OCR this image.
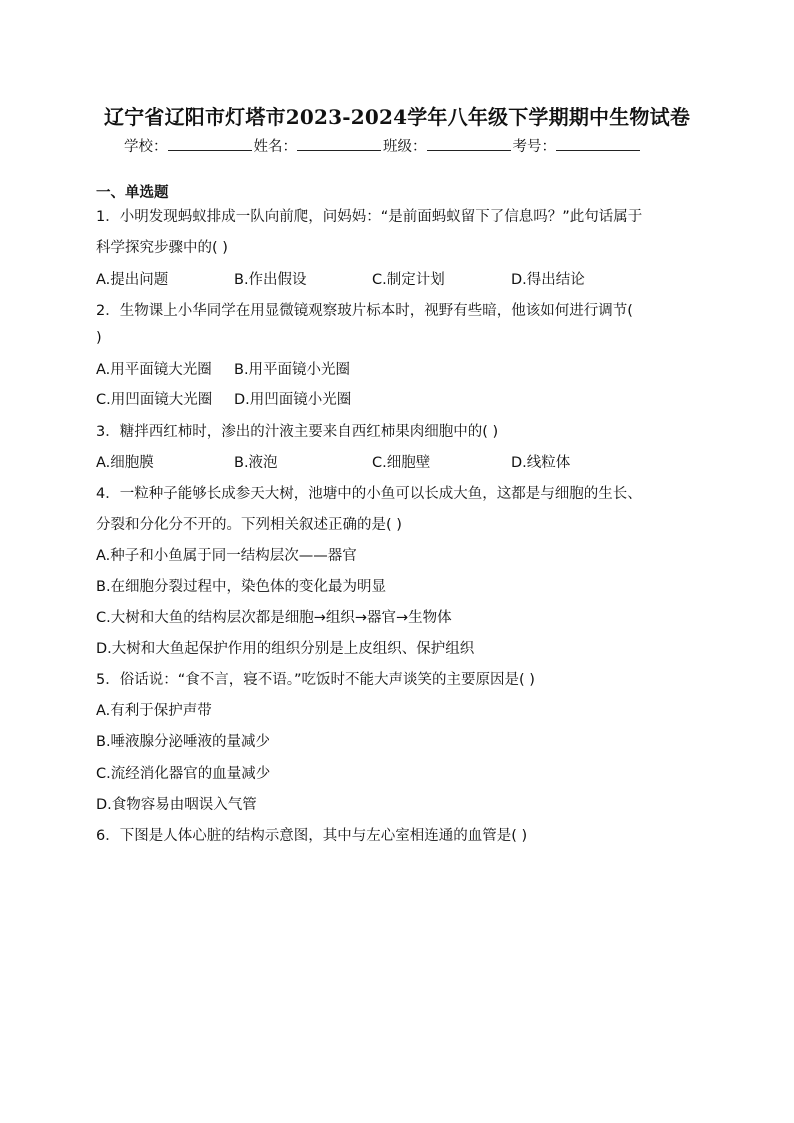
辽宁省辽阳市灯塔市2023-2024学年八年级下学期期中生物试卷
学校：	姓名：	班级：	考号：
一、单选题
1．小明发现蚂蚁排成一队向前爬，问妈妈：“是前面蚂蚁留下了信息吗？”此句话属于
科学探究步骤中的( )
A.提出问题	B.作出假设	C.制定计划	D.得出结论
2．生物课上小华同学在用显微镜观察玻片标本时，视野有些暗，他该如何进行调节(
)
A.用平面镜大光圈 B.用平面镜小光圈
C.用凹面镜大光圈 D.用凹面镜小光圈
3．糖拌西红柿时，渗出的汁液主要来自西红柿果肉细胞中的( )
A.细胞膜	B.液泡	C.细胞壁	D.线粒体
4．一粒种子能够长成参天大树，池塘中的小鱼可以长成大鱼，这都是与细胞的生长、
分裂和分化分不开的。下列相关叙述正确的是( )
A.种子和小鱼属于同一结构层次——器官
B.在细胞分裂过程中，染色体的变化最为明显
C.大树和大鱼的结构层次都是细胞→组织→器官→生物体
D.大树和大鱼起保护作用的组织分别是上皮组织、保护组织
5．俗话说：“食不言，寝不语。”吃饭时不能大声谈笑的主要原因是( )
A.有利于保护声带
B.唾液腺分泌唾液的量减少
C.流经消化器官的血量减少
D.食物容易由咽误入气管
6．下图是人体心脏的结构示意图，其中与左心室相连通的血管是( )
